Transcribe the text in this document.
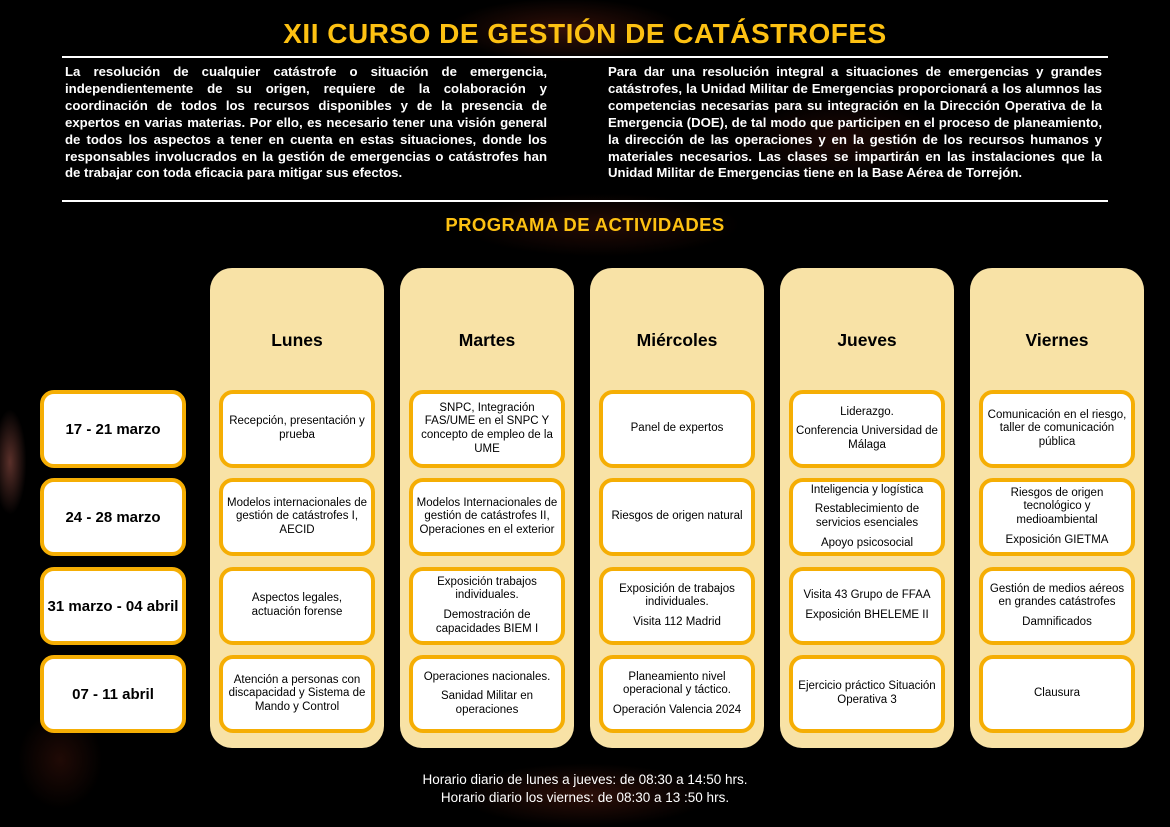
XII CURSO DE GESTIÓN DE CATÁSTROFES

La resolución de cualquier catástrofe o situación de emergencia, independientemente de su origen, requiere de la colaboración y coordinación de todos los recursos disponibles y de la presencia de expertos en varias materias. Por ello, es necesario tener una visión general de todos los aspectos a tener en cuenta en estas situaciones, donde los responsables involucrados en la gestión de emergencias o catástrofes han de trabajar con toda eficacia para mitigar sus efectos.

Para dar una resolución integral a situaciones de emergencias y grandes catástrofes, la Unidad Militar de Emergencias proporcionará a los alumnos las competencias necesarias para su integración en la Dirección Operativa de la Emergencia (DOE), de tal modo que participen en el proceso de planeamiento, la dirección de las operaciones y en la gestión de los recursos humanos y materiales necesarios. Las clases se impartirán en las instalaciones que la Unidad Militar de Emergencias tiene en la Base Aérea de Torrejón.

PROGRAMA DE ACTIVIDADES
Horario diario de lunes a jueves: de 08:30 a 14:50 hrs.
Horario diario los viernes: de 08:30 a 13 :50 hrs.
17 - 21 marzo
24 - 28 marzo
31 marzo - 04 abril
07 - 11 abril
Lunes

Recepción, presentación y prueba

Modelos internacionales de gestión de catástrofes I, AECID

Aspectos legales, actuación forense

Atención a personas con discapacidad y Sistema de Mando y Control

Martes

SNPC, Integración FAS/UME en el SNPC Y concepto de empleo de la UME

Modelos Internacionales de gestión de catástrofes II, Operaciones en el exterior

Exposición trabajos individuales.

Demostración de capacidades BIEM I

Operaciones nacionales.

Sanidad Militar en operaciones

Miércoles

Panel de expertos

Riesgos de origen natural

Exposición de trabajos individuales.

Visita 112 Madrid

Planeamiento nivel operacional y táctico.

Operación Valencia 2024

Jueves

Liderazgo.

Conferencia Universidad de Málaga

Inteligencia y logística

Restablecimiento de servicios esenciales

Apoyo psicosocial

Visita 43 Grupo de FFAA

Exposición BHELEME II

Ejercicio práctico Situación Operativa 3

Viernes

Comunicación en el riesgo, taller de comunicación pública

Riesgos de origen tecnológico y medioambiental

Exposición GIETMA

Gestión de medios aéreos en grandes catástrofes

Damnificados

Clausura
